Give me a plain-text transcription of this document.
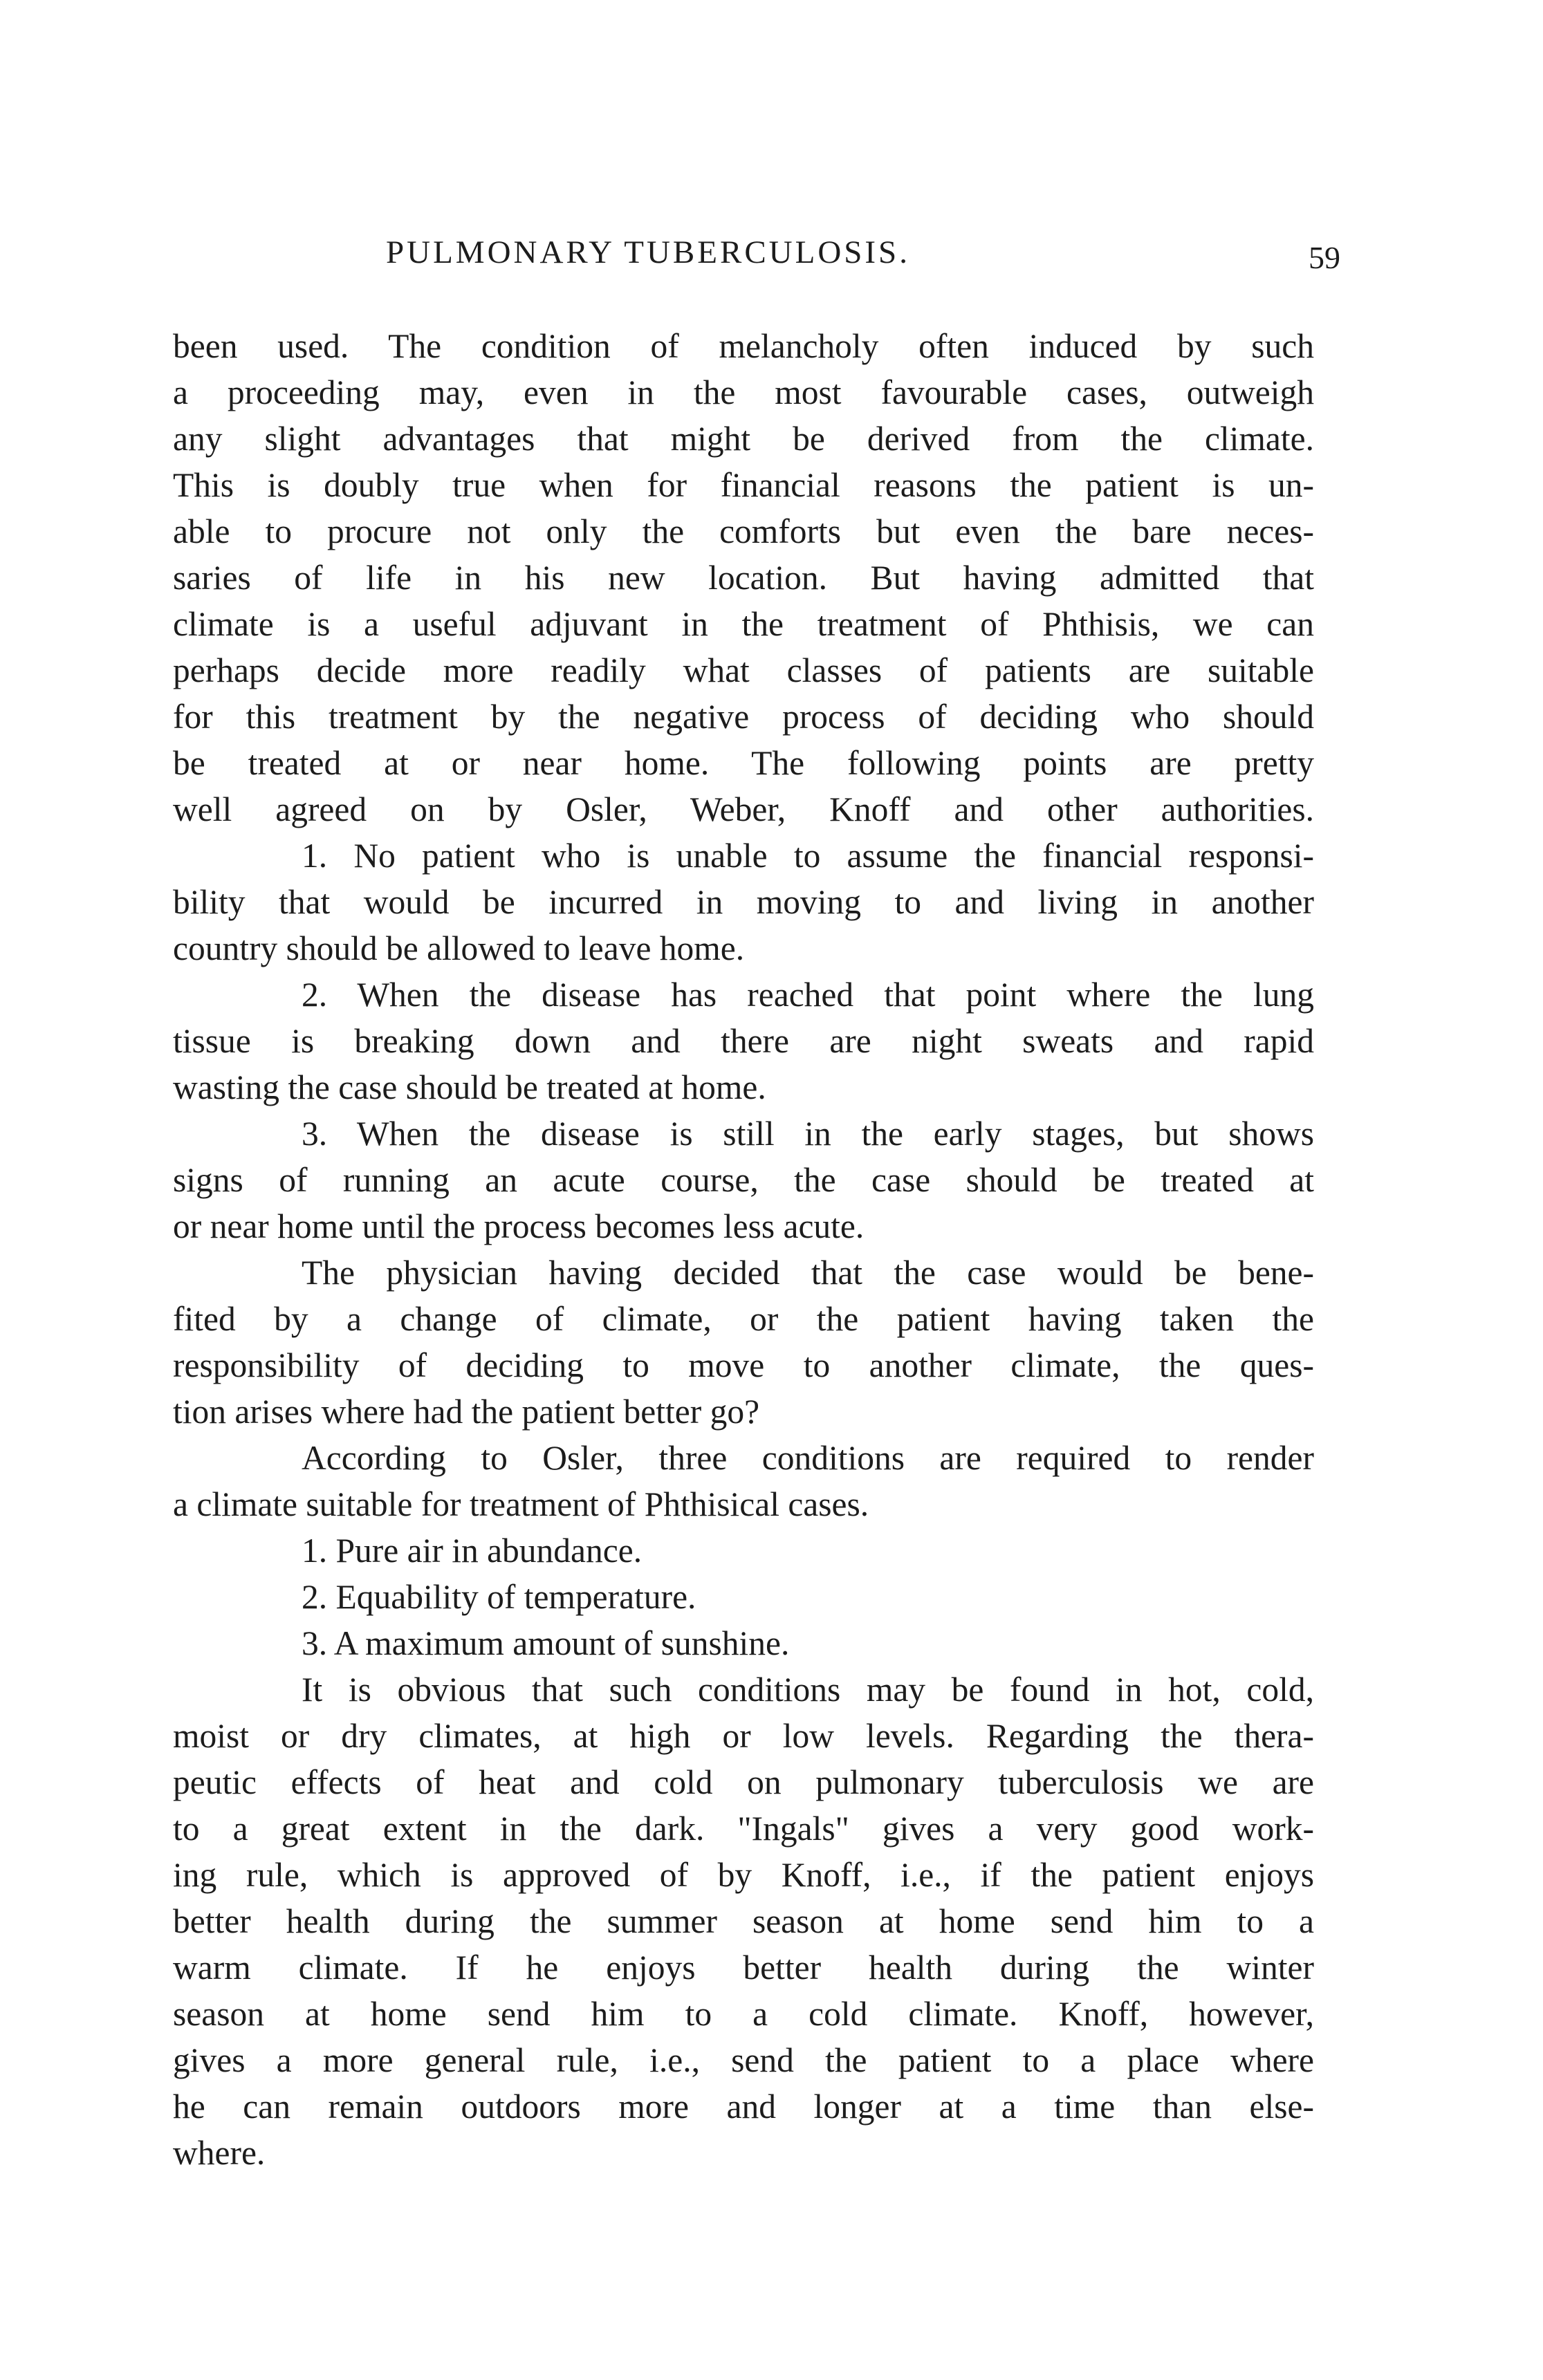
PULMONARY TUBERCULOSIS.	59
been used. The condition of melancholy often induced by such
a proceeding may, even in the most favourable cases, outweigh
any slight advantages that might be derived from the climate.
This is doubly true when for financial reasons the patient is un-
able to procure not only the comforts but even the bare neces-
saries of life in his new location. But having admitted that
climate is a useful adjuvant in the treatment of Phthisis, we can
perhaps decide more readily what classes of patients are suitable
for this treatment by the negative process of deciding who should
be treated at or near home. The following points are pretty
well agreed on by Osler, Weber, Knoff and other authorities.
1. No patient who is unable to assume the financial responsi-
bility that would be incurred in moving to and living in another
country should be allowed to leave home.
2. When the disease has reached that point where the lung
tissue is breaking down and there are night sweats and rapid
wasting the case should be treated at home.
3. When the disease is still in the early stages, but shows
signs of running an acute course, the case should be treated at
or near home until the process becomes less acute.
The physician having decided that the case would be bene-
fited by a change of climate, or the patient having taken the
responsibility of deciding to move to another climate, the ques-
tion arises where had the patient better go?
According to Osler, three conditions are required to render
a climate suitable for treatment of Phthisical cases.
1. Pure air in abundance.
2. Equability of temperature.
3. A maximum amount of sunshine.
It is obvious that such conditions may be found in hot, cold,
moist or dry climates, at high or low levels. Regarding the thera-
peutic effects of heat and cold on pulmonary tuberculosis we are
to a great extent in the dark. "Ingals" gives a very good work-
ing rule, which is approved of by Knoff, i.e., if the patient enjoys
better health during the summer season at home send him to a
warm climate. If he enjoys better health during the winter
season at home send him to a cold climate. Knoff, however,
gives a more general rule, i.e., send the patient to a place where
he can remain outdoors more and longer at a time than else-
where.
